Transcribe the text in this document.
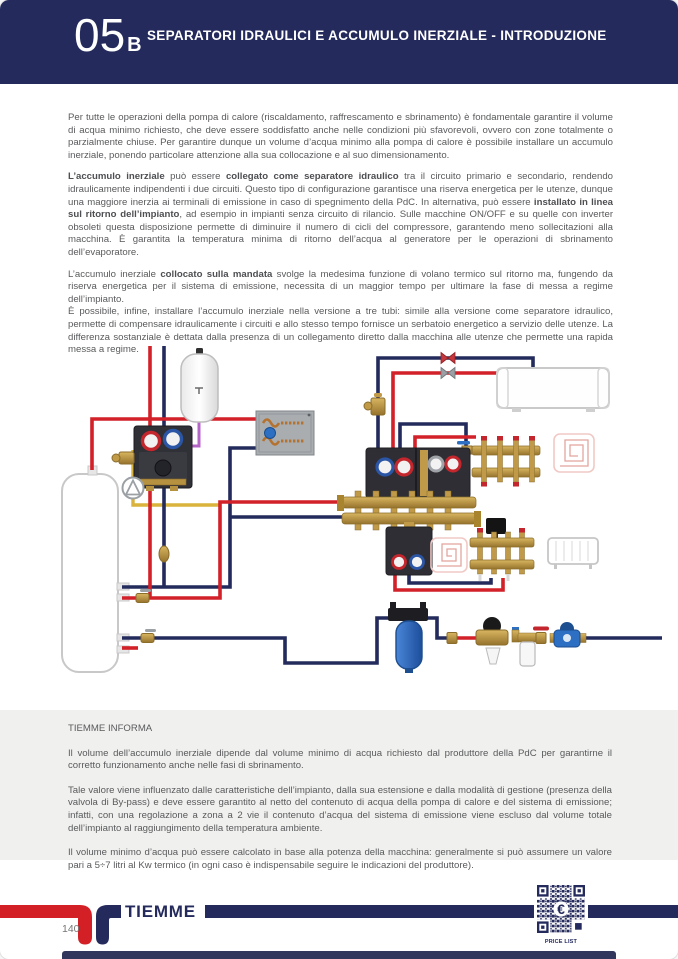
05 B SEPARATORI IDRAULICI E ACCUMULO INERZIALE - INTRODUZIONE

Per tutte le operazioni della pompa di calore (riscaldamento, raffrescamento e sbrinamento) è fondamentale garantire il volume di acqua minimo richiesto, che deve essere soddisfatto anche nelle condizioni più sfavorevoli, ovvero con zone totalmente o parzialmente chiuse. Per garantire dunque un volume d’acqua minimo alla pompa di calore è possibile installare un accumulo inerziale, ponendo particolare attenzione alla sua collocazione e al suo dimensionamento.

L’accumulo inerziale può essere collegato come separatore idraulico tra il circuito primario e secondario, rendendo idraulicamente indipendenti i due circuiti. Questo tipo di configurazione garantisce una riserva energetica per le utenze, dunque una maggiore inerzia ai terminali di emissione in caso di spegnimento della PdC. In alternativa, può essere installato in linea sul ritorno dell’impianto, ad esempio in impianti senza circuito di rilancio. Sulle macchine ON/OFF e su quelle con inverter obsoleti questa disposizione permette di diminuire il numero di cicli del compressore, garantendo meno sollecitazioni alla macchina. È garantita la temperatura minima di ritorno dell’acqua al generatore per le operazioni di sbrinamento dell’evaporatore.

L’accumulo inerziale collocato sulla mandata svolge la medesima funzione di volano termico sul ritorno ma, fungendo da riserva energetica per il sistema di emissione, necessita di un maggior tempo per ultimare la fase di messa a regime dell’impianto.
È possibile, infine, installare l’accumulo inerziale nella versione a tre tubi: simile alla versione come separatore idraulico, permette di compensare idraulicamente i circuiti e allo stesso tempo fornisce un serbatoio energetico a servizio delle utenze. La differenza sostanziale è dettata dalla presenza di un collegamento diretto dalla macchina alle utenze che permette una rapida messa a regime.

TIEMME INFORMA

Il volume dell’accumulo inerziale dipende dal volume minimo di acqua richiesto dal produttore della PdC per garantirne il corretto funzionamento anche nelle fasi di sbrinamento.

Tale valore viene influenzato dalle caratteristiche dell’impianto, dalla sua estensione e dalla modalità di gestione (presenza della valvola di By-pass) e deve essere garantito al netto del contenuto di acqua della pompa di calore e del sistema di emissione; infatti, con una regolazione a zona a 2 vie il contenuto d’acqua del sistema di emissione viene escluso dal volume totale dell’impianto al raggiungimento della temperatura ambiente.

Il volume minimo d’acqua può essere calcolato in base alla potenza della macchina: generalmente si può assumere un valore pari a 5÷7 litri al Kw termico (in ogni caso è indispensabile seguire le indicazioni del produttore).

TIEMME
140
€
PRICE LIST
